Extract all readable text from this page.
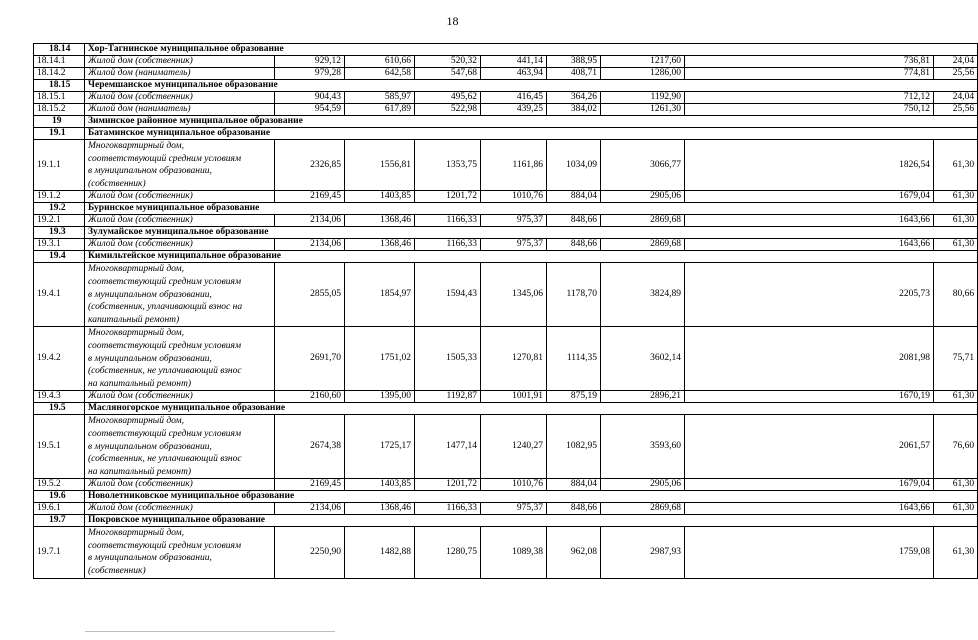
18
18.14	Хор-Тагнинское муниципальное образование								
18.14.1	Жилой дом (собственник)	929,12	610,66	520,32	441,14	388,95	1217,60	736,81	24,04
18.14.2	Жилой дом (наниматель)	979,28	642,58	547,68	463,94	408,71	1286,00	774,81	25,56
18.15	Черемшанское муниципальное образование								
18.15.1	Жилой дом (собственник)	904,43	585,97	495,62	416,45	364,26	1192,90	712,12	24,04
18.15.2	Жилой дом (наниматель)	954,59	617,89	522,98	439,25	384,02	1261,30	750,12	25,56
19	Зиминское районное муниципальное образование								
19.1	Батаминское муниципальное образование								
19.1.1	Многоквартирный дом,
соответствующий средним условиям
в муниципальном образовании,
(собственник)	2326,85	1556,81	1353,75	1161,86	1034,09	3066,77	1826,54	61,30
19.1.2	Жилой дом (собственник)	2169,45	1403,85	1201,72	1010,76	884,04	2905,06	1679,04	61,30
19.2	Буринское муниципальное образование								
19.2.1	Жилой дом (собственник)	2134,06	1368,46	1166,33	975,37	848,66	2869,68	1643,66	61,30
19.3	Зулумайское муниципальное образование								
19.3.1	Жилой дом (собственник)	2134,06	1368,46	1166,33	975,37	848,66	2869,68	1643,66	61,30
19.4	Кимильтейское муниципальное образование								
19.4.1	Многоквартирный дом,
соответствующий средним условиям
в муниципальном образовании,
(собственник, уплачивающий взнос на
капитальный ремонт)	2855,05	1854,97	1594,43	1345,06	1178,70	3824,89	2205,73	80,66
19.4.2	Многоквартирный дом,
соответствующий средним условиям
в муниципальном образовании,
(собственник, не уплачивающий взнос
на капитальный ремонт)	2691,70	1751,02	1505,33	1270,81	1114,35	3602,14	2081,98	75,71
19.4.3	Жилой дом (собственник)	2160,60	1395,00	1192,87	1001,91	875,19	2896,21	1670,19	61,30
19.5	Масляногорское муниципальное образование								
19.5.1	Многоквартирный дом,
соответствующий средним условиям
в муниципальном образовании,
(собственник, не уплачивающий взнос
на капитальный ремонт)	2674,38	1725,17	1477,14	1240,27	1082,95	3593,60	2061,57	76,60
19.5.2	Жилой дом (собственник)	2169,45	1403,85	1201,72	1010,76	884,04	2905,06	1679,04	61,30
19.6	Новолетниковское муниципальное образование								
19.6.1	Жилой дом (собственник)	2134,06	1368,46	1166,33	975,37	848,66	2869,68	1643,66	61,30
19.7	Покровское муниципальное образование								
19.7.1	Многоквартирный дом,
соответствующий средним условиям
в муниципальном образовании,
(собственник)	2250,90	1482,88	1280,75	1089,38	962,08	2987,93	1759,08	61,30
